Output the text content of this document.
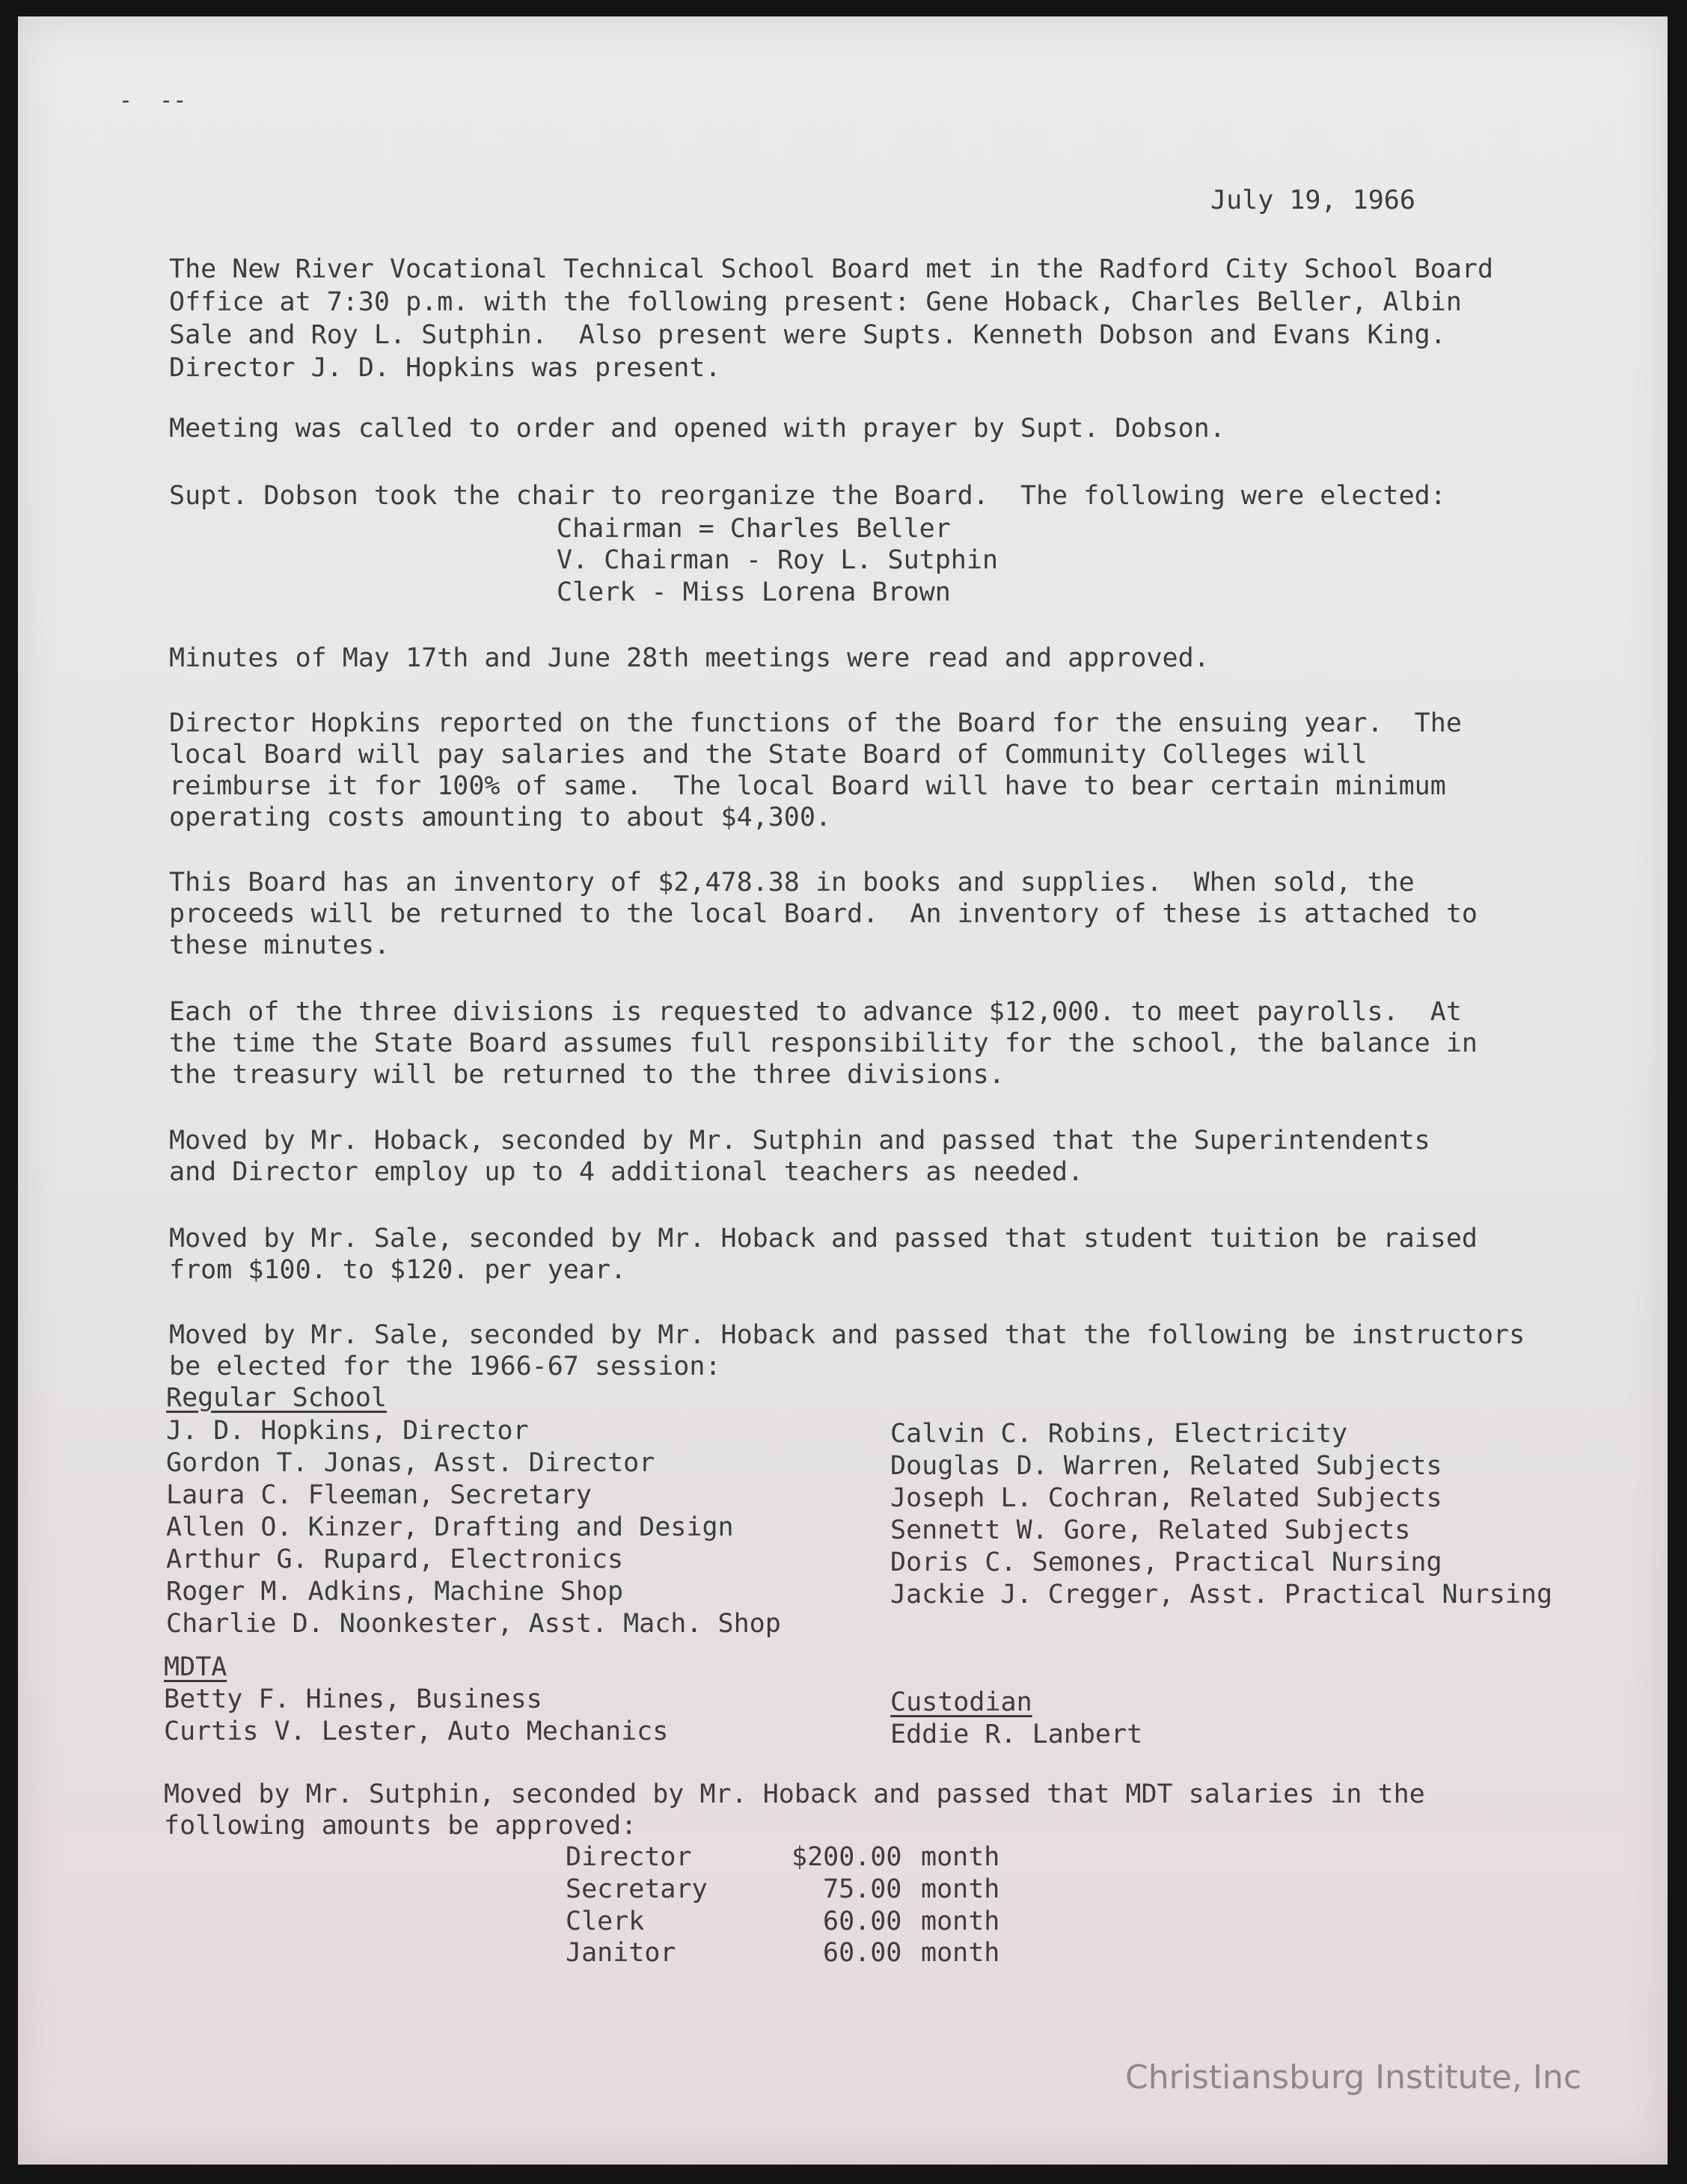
-  --
July 19, 1966
The New River Vocational Technical School Board met in the Radford City School Board
Office at 7:30 p.m. with the following present: Gene Hoback, Charles Beller, Albin
Sale and Roy L. Sutphin.  Also present were Supts. Kenneth Dobson and Evans King.
Director J. D. Hopkins was present.
Meeting was called to order and opened with prayer by Supt. Dobson.
Supt. Dobson took the chair to reorganize the Board.  The following were elected:
Chairman = Charles Beller
V. Chairman - Roy L. Sutphin
Clerk - Miss Lorena Brown
Minutes of May 17th and June 28th meetings were read and approved.
Director Hopkins reported on the functions of the Board for the ensuing year.  The
local Board will pay salaries and the State Board of Community Colleges will
reimburse it for 100% of same.  The local Board will have to bear certain minimum
operating costs amounting to about $4,300.
This Board has an inventory of $2,478.38 in books and supplies.  When sold, the
proceeds will be returned to the local Board.  An inventory of these is attached to
these minutes.
Each of the three divisions is requested to advance $12,000. to meet payrolls.  At
the time the State Board assumes full responsibility for the school, the balance in
the treasury will be returned to the three divisions.
Moved by Mr. Hoback, seconded by Mr. Sutphin and passed that the Superintendents
and Director employ up to 4 additional teachers as needed.
Moved by Mr. Sale, seconded by Mr. Hoback and passed that student tuition be raised
from $100. to $120. per year.
Moved by Mr. Sale, seconded by Mr. Hoback and passed that the following be instructors
be elected for the 1966-67 session:
Regular School
J. D. Hopkins, Director
Gordon T. Jonas, Asst. Director
Laura C. Fleeman, Secretary
Allen O. Kinzer, Drafting and Design
Arthur G. Rupard, Electronics
Roger M. Adkins, Machine Shop
Charlie D. Noonkester, Asst. Mach. Shop
Calvin C. Robins, Electricity
Douglas D. Warren, Related Subjects
Joseph L. Cochran, Related Subjects
Sennett W. Gore, Related Subjects
Doris C. Semones, Practical Nursing
Jackie J. Cregger, Asst. Practical Nursing
MDTA
Betty F. Hines, Business
Curtis V. Lester, Auto Mechanics
Custodian
Eddie R. Lanbert
Moved by Mr. Sutphin, seconded by Mr. Hoback and passed that MDT salaries in the
following amounts be approved:
Director	$200.00 month
Secretary	75.00 month
Clerk	60.00 month
Janitor	60.00 month
Christiansburg Institute, Inc
